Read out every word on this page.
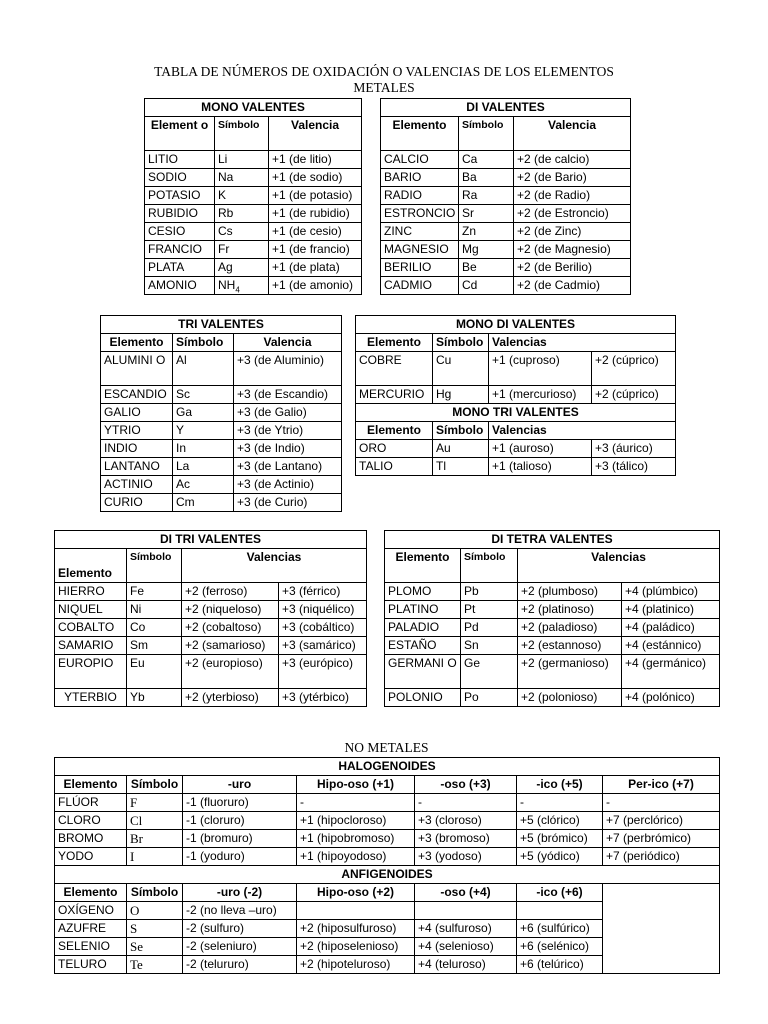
TABLA DE NÚMEROS DE OXIDACIÓN O VALENCIAS DE LOS ELEMENTOS
METALES
MONO VALENTES				DI VALENTES		
Element o	Símbolo	Valencia		Elemento	Símbolo	Valencia
LITIO	Li	+1 (de litio)		CALCIO	Ca	+2 (de calcio)
SODIO	Na	+1 (de sodio)		BARIO	Ba	+2 (de Bario)
POTASIO	K	+1 (de potasio)		RADIO	Ra	+2 (de Radio)
RUBIDIO	Rb	+1 (de rubidio)		ESTRONCIO	Sr	+2 (de Estroncio)
CESIO	Cs	+1 (de cesio)		ZINC	Zn	+2 (de Zinc)
FRANCIO	Fr	+1 (de francio)		MAGNESIO	Mg	+2 (de Magnesio)
PLATA	Ag	+1 (de plata)		BERILIO	Be	+2 (de Berilio)
AMONIO	$NH_4$	+1 (de amonio)		CADMIO	Cd	+2 (de Cadmio)
TRI VALENTES		
Elemento	Símbolo	Valencia
ALUMINI O	Al	+3 (de Aluminio)
ESCANDIO	Sc	+3 (de Escandio)
GALIO	Ga	+3 (de Galio)
YTRIO	Y	+3 (de Ytrio)
INDIO	In	+3 (de Indio)
LANTANO	La	+3 (de Lantano)
ACTINIO	Ac	+3 (de Actinio)
CURIO	Cm	+3 (de Curio)
MONO DI VALENTES			
Elemento	Símbolo	Valencias	
COBRE	Cu	+1 (cuproso)	+2 (cúprico)
MERCURIO	Hg	+1 (mercurioso)	+2 (cúprico)
MONO TRI VALENTES			
Elemento	Símbolo	Valencias	
ORO	Au	+1 (auroso)	+3 (áurico)
TALIO	Tl	+1 (talioso)	+3 (tálico)
DI TRI VALENTES					DI TETRA VALENTES			
Elemento	Símbolo	Valencias			Elemento	Símbolo	Valencias	
HIERRO	Fe	+2 (ferroso)	+3 (férrico)		PLOMO	Pb	+2 (plumboso)	+4 (plúmbico)
NIQUEL	Ni	+2 (niqueloso)	+3 (niquélico)		PLATINO	Pt	+2 (platinoso)	+4 (platinico)
COBALTO	Co	+2 (cobaltoso)	+3 (cobáltico)		PALADIO	Pd	+2 (paladioso)	+4 (paládico)
SAMARIO	Sm	+2 (samarioso)	+3 (samárico)		ESTAÑO	Sn	+2 (estannoso)	+4 (estánnico)
EUROPIO	Eu	+2 (europioso)	+3 (európico)		GERMANI O	Ge	+2 (germanioso)	+4 (germánico)
YTERBIO	Yb	+2 (yterbioso)	+3 (ytérbico)		POLONIO	Po	+2 (polonioso)	+4 (polónico)
NO METALES
HALOGENOIDES						
Elemento	Símbolo	-uro	Hipo-oso (+1)	-oso (+3)	-ico (+5)	Per-ico (+7)
FLÚOR	F	-1 (fluoruro)	-	-	-	-
CLORO	Cl	-1 (cloruro)	+1 (hipocloroso)	+3 (cloroso)	+5 (clórico)	+7 (perclórico)
BROMO	Br	-1 (bromuro)	+1 (hipobromoso)	+3 (bromoso)	+5 (brómico)	+7 (perbrómico)
YODO	I	-1 (yoduro)	+1 (hipoyodoso)	+3 (yodoso)	+5 (yódico)	+7 (periódico)
ANFIGENOIDES						
Elemento	Símbolo	-uro (-2)	Hipo-oso (+2)	-oso (+4)	-ico (+6)	
OXÍGENO	O	-2 (no lleva –uro)				
AZUFRE	S	-2 (sulfuro)	+2 (hiposulfuroso)	+4 (sulfuroso)	+6 (sulfúrico)	
SELENIO	Se	-2 (seleniuro)	+2 (hiposelenioso)	+4 (selenioso)	+6 (selénico)	
TELURO	Te	-2 (telururo)	+2 (hipoteluroso)	+4 (teluroso)	+6 (telúrico)	
